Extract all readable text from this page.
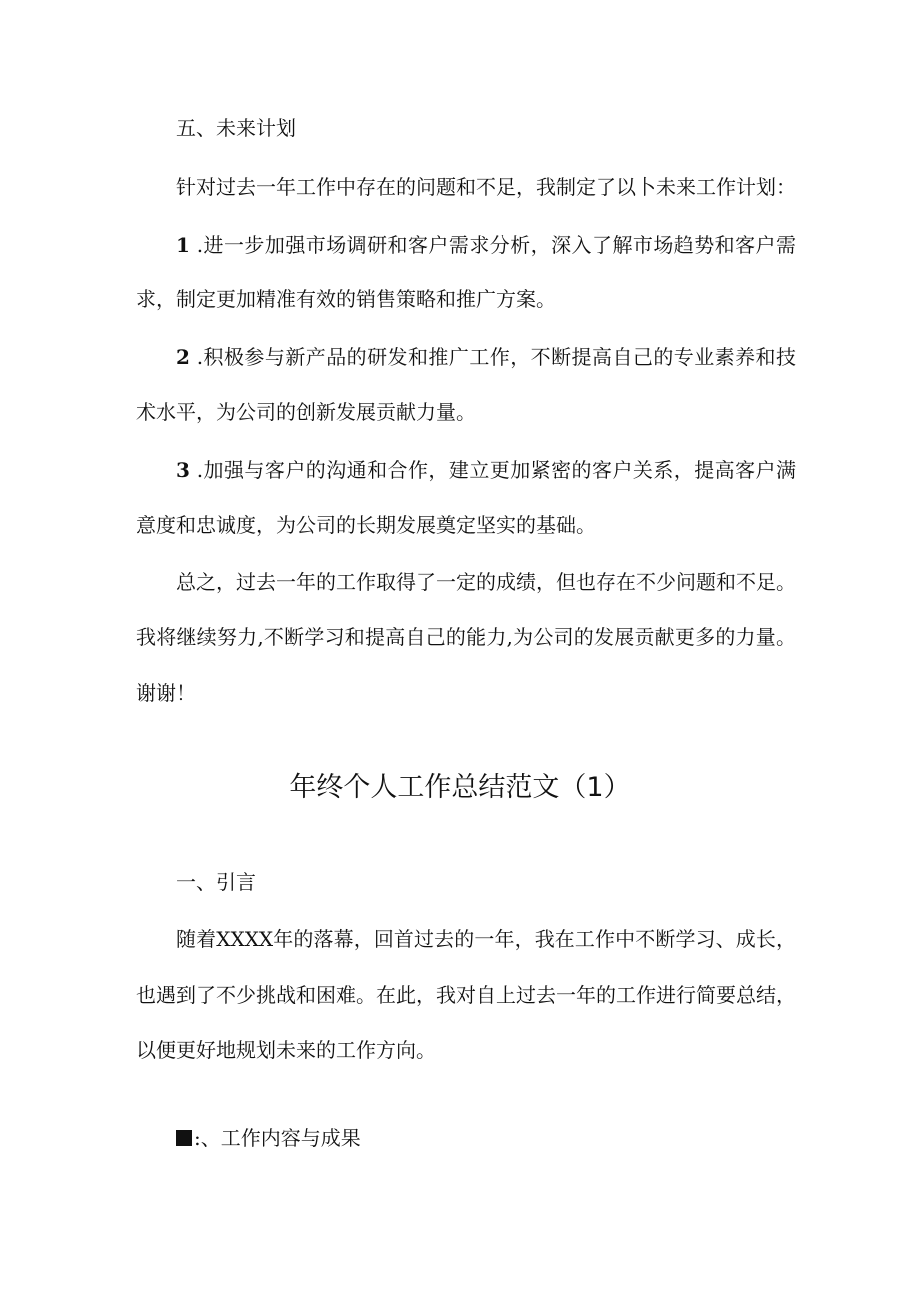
五、未来计划
针对过去一年工作中存在的问题和不足，我制定了以卜未来工作计划：
1 .进一步加强市场调研和客户需求分析，深入了解市场趋势和客户需
求，制定更加精准有效的销售策略和推广方案。
2 .积极参与新产品的研发和推广工作，不断提高自己的专业素养和技
术水平，为公司的创新发展贡献力量。
3 .加强与客户的沟通和合作，建立更加紧密的客户关系，提高客户满
意度和忠诚度，为公司的长期发展奠定坚实的基础。
总之，过去一年的工作取得了一定的成绩，但也存在不少问题和不足。
我将继续努力,不断学习和提高自己的能力,为公司的发展贡献更多的力量。
谢谢！
年终个人工作总结范文（1）
一、引言
随着XXXX年的落幕，回首过去的一年，我在工作中不断学习、成长，
也遇到了不少挑战和困难。在此，我对自上过去一年的工作进行简要总结，
以便更好地规划未来的工作方向。
:、工作内容与成果
